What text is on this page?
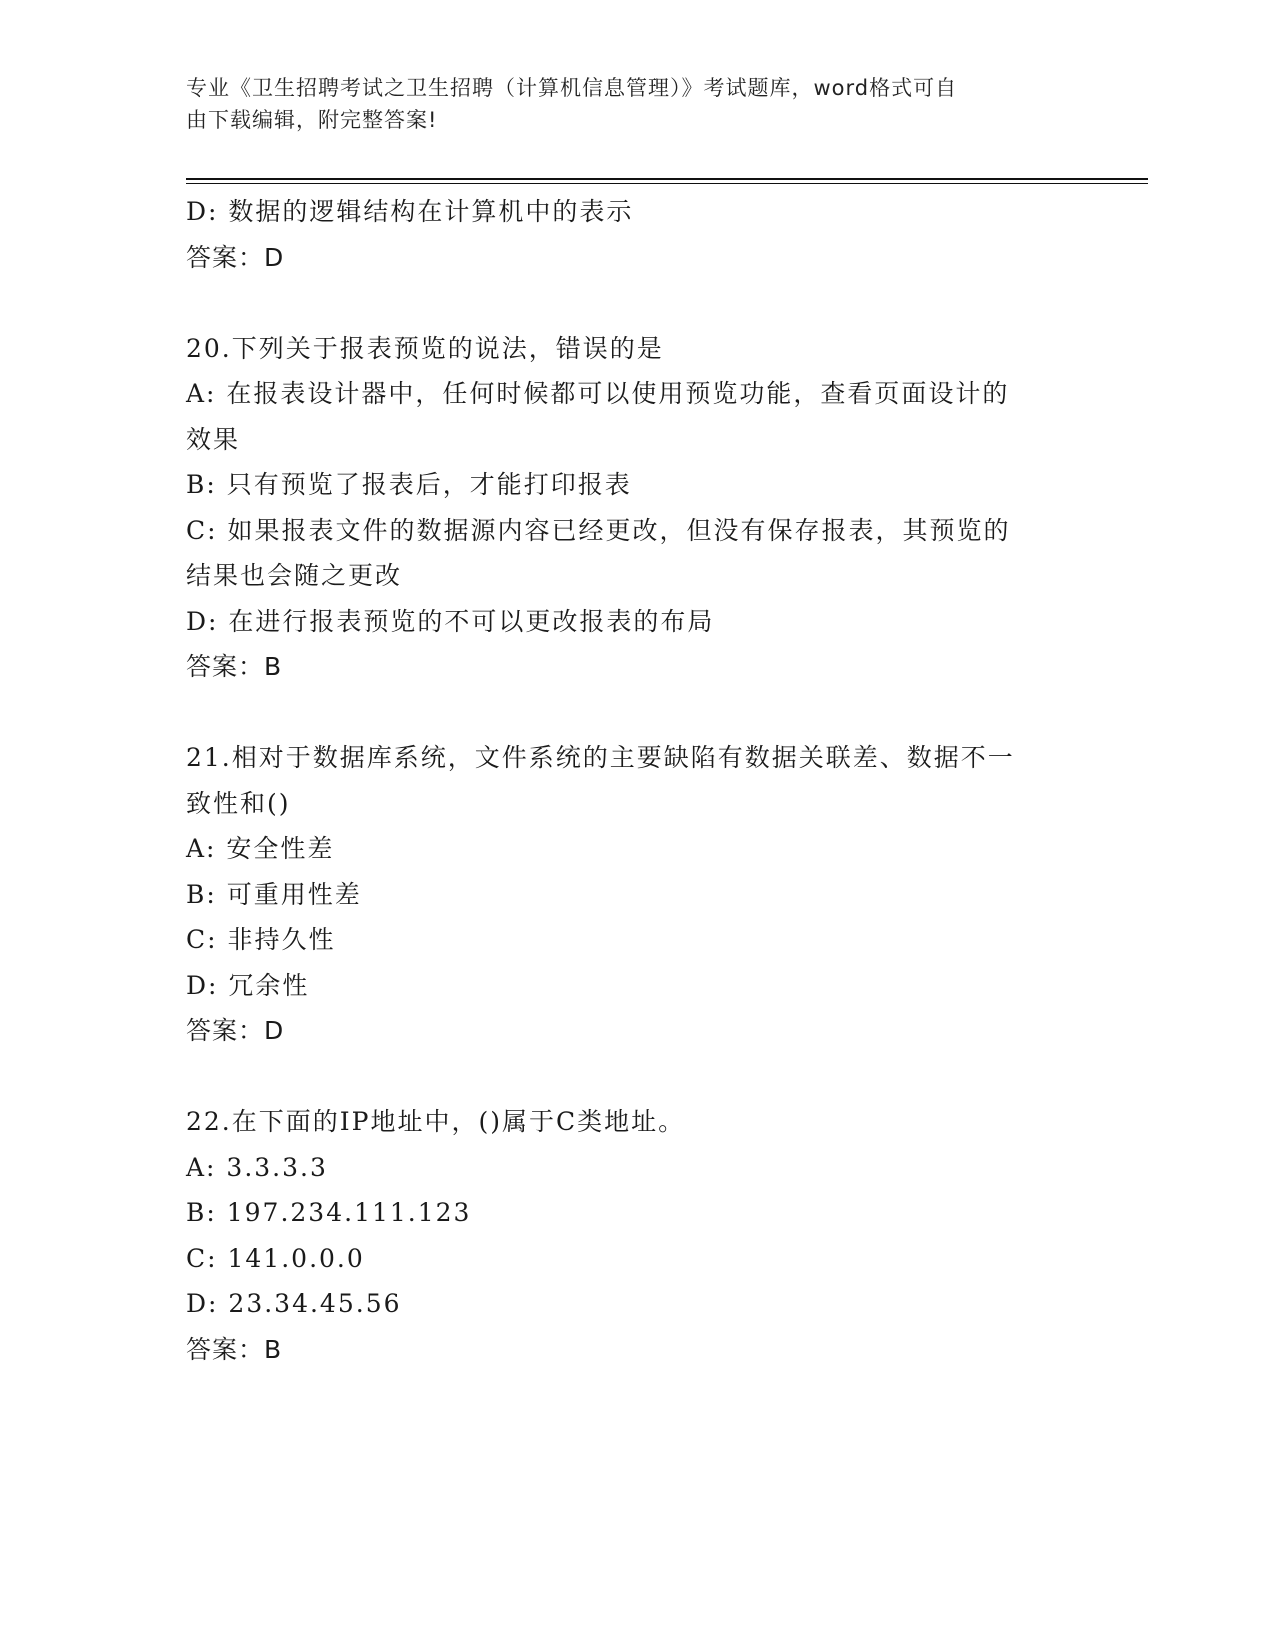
专业《卫生招聘考试之卫生招聘（计算机信息管理）》考试题库，word格式可自
由下载编辑，附完整答案!
D: 数据的逻辑结构在计算机中的表示
答案：D
20.下列关于报表预览的说法，错误的是
A: 在报表设计器中，任何时候都可以使用预览功能，查看页面设计的
效果
B: 只有预览了报表后，才能打印报表
C: 如果报表文件的数据源内容已经更改，但没有保存报表，其预览的
结果也会随之更改
D: 在进行报表预览的不可以更改报表的布局
答案：B
21.相对于数据库系统，文件系统的主要缺陷有数据关联差、数据不一
致性和()
A: 安全性差
B: 可重用性差
C: 非持久性
D: 冗余性
答案：D
22.在下面的IP地址中，()属于C类地址。
A: 3.3.3.3
B: 197.234.111.123
C: 141.0.0.0
D: 23.34.45.56
答案：B
